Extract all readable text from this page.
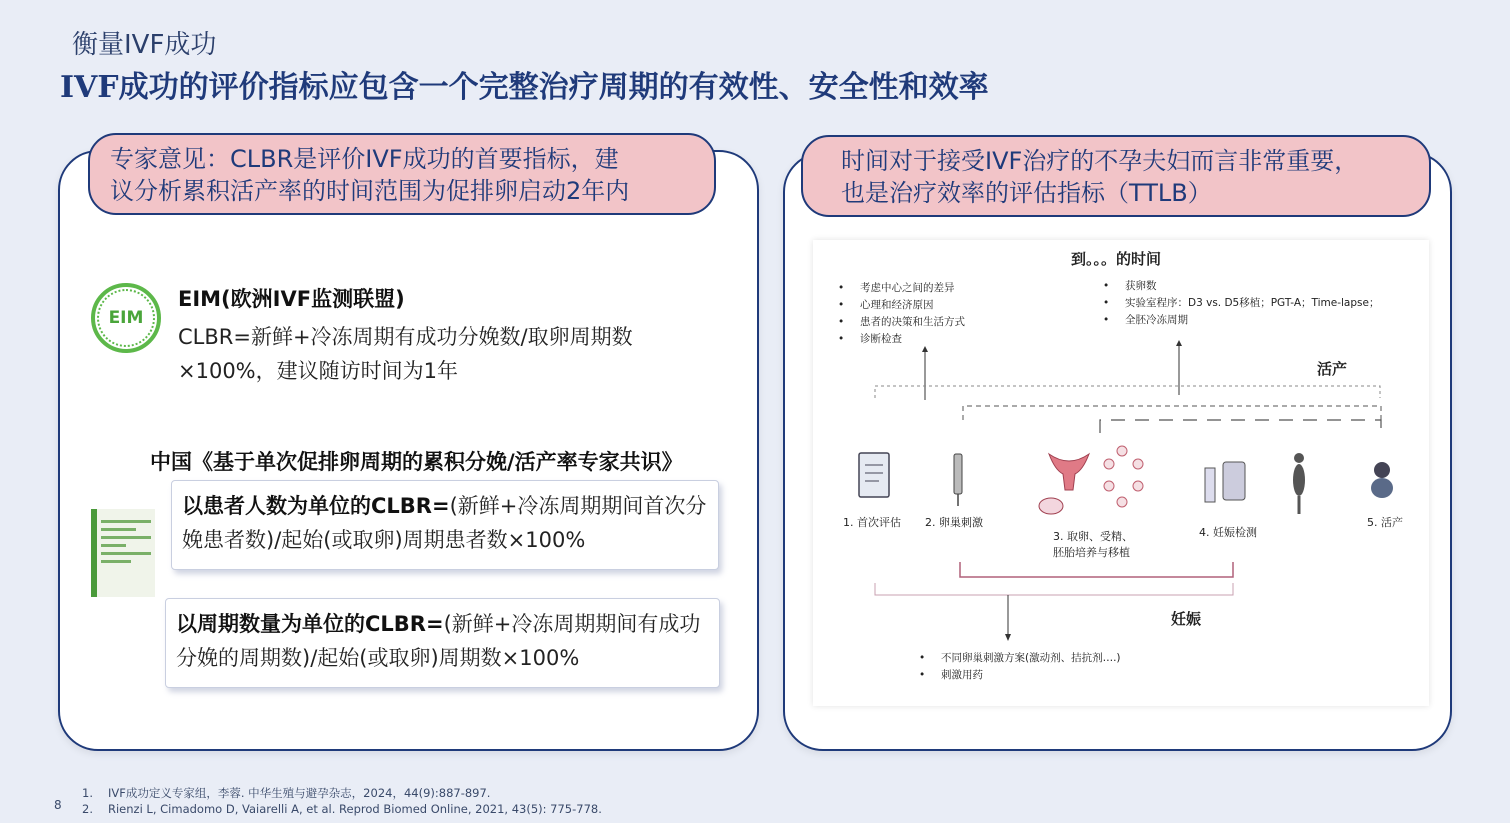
衡量IVF成功
IVF成功的评价指标应包含一个完整治疗周期的有效性、安全性和效率
专家意见：CLBR是评价IVF成功的首要指标，建
议分析累积活产率的时间范围为促排卵启动2年内
EIM
EIM(欧洲IVF监测联盟)
CLBR=新鲜+冷冻周期有成功分娩数/取卵周期数×100%，建议随访时间为1年
中国《基于单次促排卵周期的累积分娩/活产率专家共识》
以患者人数为单位的CLBR=(新鲜+冷冻周期期间首次分娩患者数)/起始(或取卵)周期患者数×100%
以周期数量为单位的CLBR=(新鲜+冷冻周期期间有成功分娩的周期数)/起始(或取卵)周期数×100%
时间对于接受IVF治疗的不孕夫妇而言非常重要，
也是治疗效率的评估指标（TTLB）
到。。。的时间
• 考虑中心之间的差异
• 心理和经济原因
• 患者的决策和生活方式
• 诊断检查
• 获卵数
• 实验室程序：D3 vs. D5移植；PGT-A；Time-lapse；
• 全胚冷冻周期
活产
妊娠
1. 首次评估 2. 卵巢刺激
3. 取卵、受精、
胚胎培养与移植
4. 妊娠检测
5. 活产
• 不同卵巢刺激方案(激动剂、拮抗剂….)
• 刺激用药
8
1. IVF成功定义专家组，李蓉. 中华生殖与避孕杂志，2024，44(9):887-897.
2. Rienzi L, Cimadomo D, Vaiarelli A, et al. Reprod Biomed Online, 2021, 43(5): 775-778.
